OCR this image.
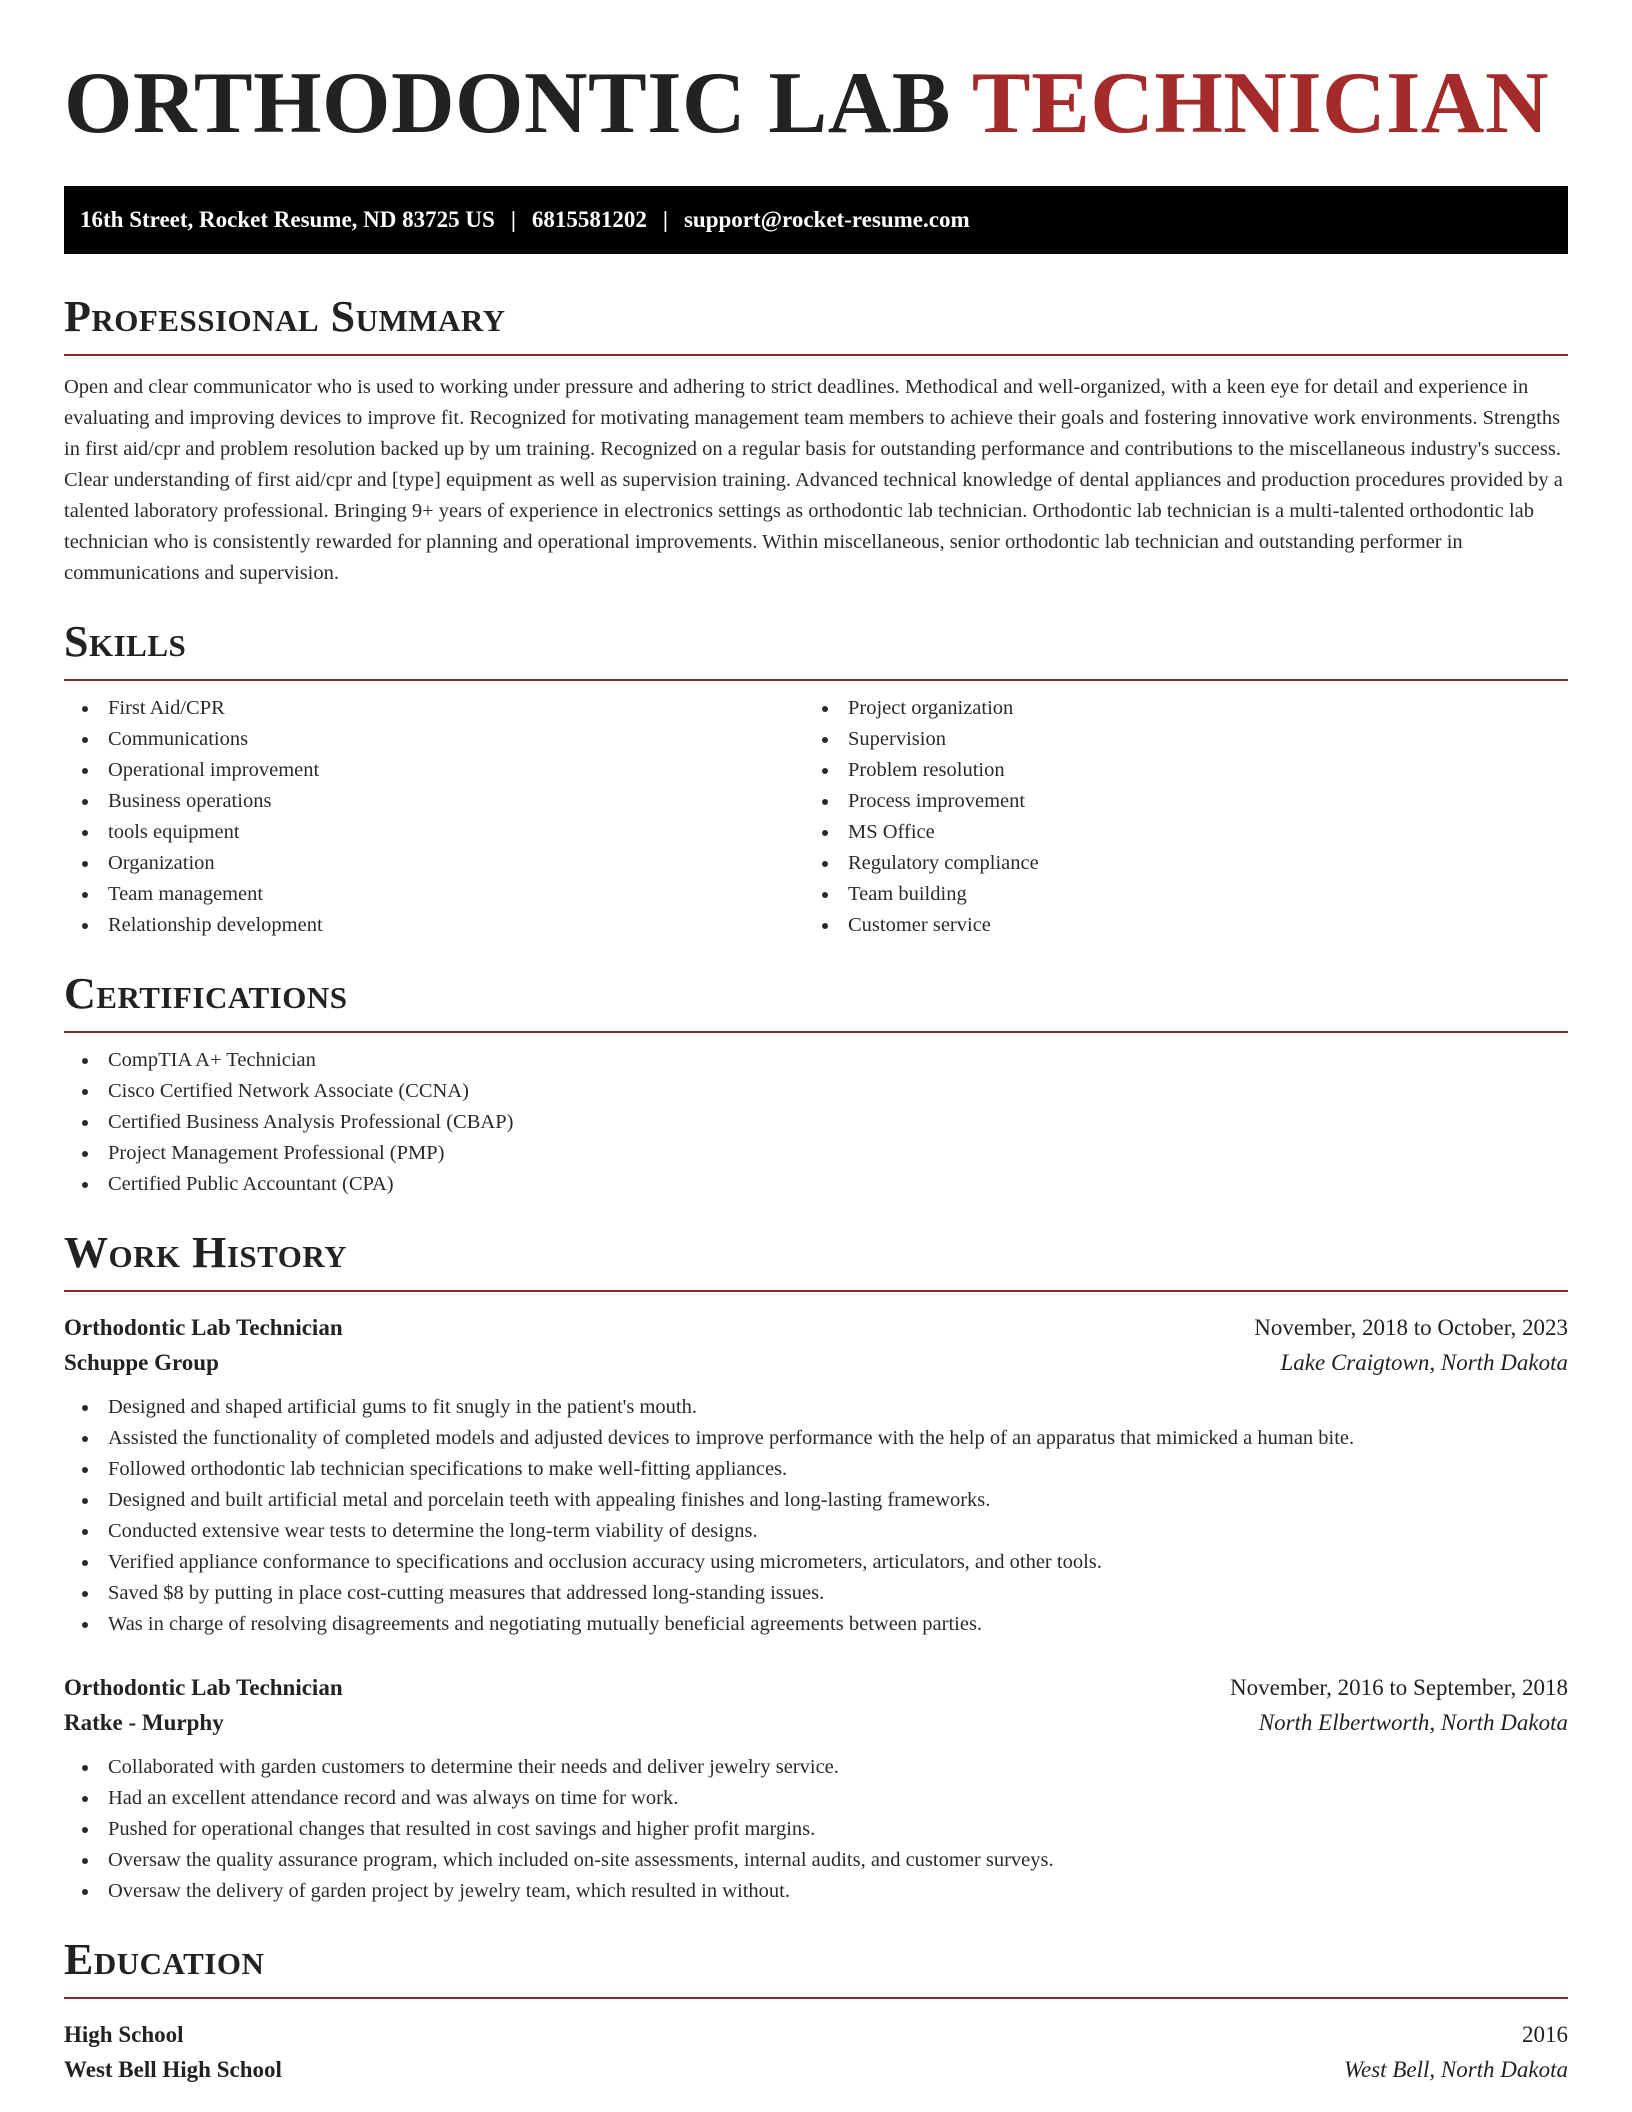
ORTHODONTIC LAB TECHNICIAN
16th Street, Rocket Resume, ND 83725 US | 6815581202 | support@rocket-resume.com
Professional Summary

Open and clear communicator who is used to working under pressure and adhering to strict deadlines. Methodical and well-organized, with a keen eye for detail and experience in evaluating and improving devices to improve fit. Recognized for motivating management team members to achieve their goals and fostering innovative work environments. Strengths in first aid/cpr and problem resolution backed up by um training. Recognized on a regular basis for outstanding performance and contributions to the miscellaneous industry's success. Clear understanding of first aid/cpr and [type] equipment as well as supervision training. Advanced technical knowledge of dental appliances and production procedures provided by a talented laboratory professional. Bringing 9+ years of experience in electronics settings as orthodontic lab technician. Orthodontic lab technician is a multi-talented orthodontic lab technician who is consistently rewarded for planning and operational improvements. Within miscellaneous, senior orthodontic lab technician and outstanding performer in communications and supervision.

Skills
First Aid/CPR
Communications
Operational improvement
Business operations
tools equipment
Organization
Team management
Relationship development
Project organization
Supervision
Problem resolution
Process improvement
MS Office
Regulatory compliance
Team building
Customer service
Certifications
CompTIA A+ Technician
Cisco Certified Network Associate (CCNA)
Certified Business Analysis Professional (CBAP)
Project Management Professional (PMP)
Certified Public Accountant (CPA)
Work History
Orthodontic Lab Technician	November, 2018 to October, 2023
Schuppe Group	Lake Craigtown, North Dakota
Designed and shaped artificial gums to fit snugly in the patient's mouth.
Assisted the functionality of completed models and adjusted devices to improve performance with the help of an apparatus that mimicked a human bite.
Followed orthodontic lab technician specifications to make well-fitting appliances.
Designed and built artificial metal and porcelain teeth with appealing finishes and long-lasting frameworks.
Conducted extensive wear tests to determine the long-term viability of designs.
Verified appliance conformance to specifications and occlusion accuracy using micrometers, articulators, and other tools.
Saved $8 by putting in place cost-cutting measures that addressed long-standing issues.
Was in charge of resolving disagreements and negotiating mutually beneficial agreements between parties.
Orthodontic Lab Technician	November, 2016 to September, 2018
Ratke - Murphy	North Elbertworth, North Dakota
Collaborated with garden customers to determine their needs and deliver jewelry service.
Had an excellent attendance record and was always on time for work.
Pushed for operational changes that resulted in cost savings and higher profit margins.
Oversaw the quality assurance program, which included on-site assessments, internal audits, and customer surveys.
Oversaw the delivery of garden project by jewelry team, which resulted in without.
Education
High School	2016
West Bell High School	West Bell, North Dakota
